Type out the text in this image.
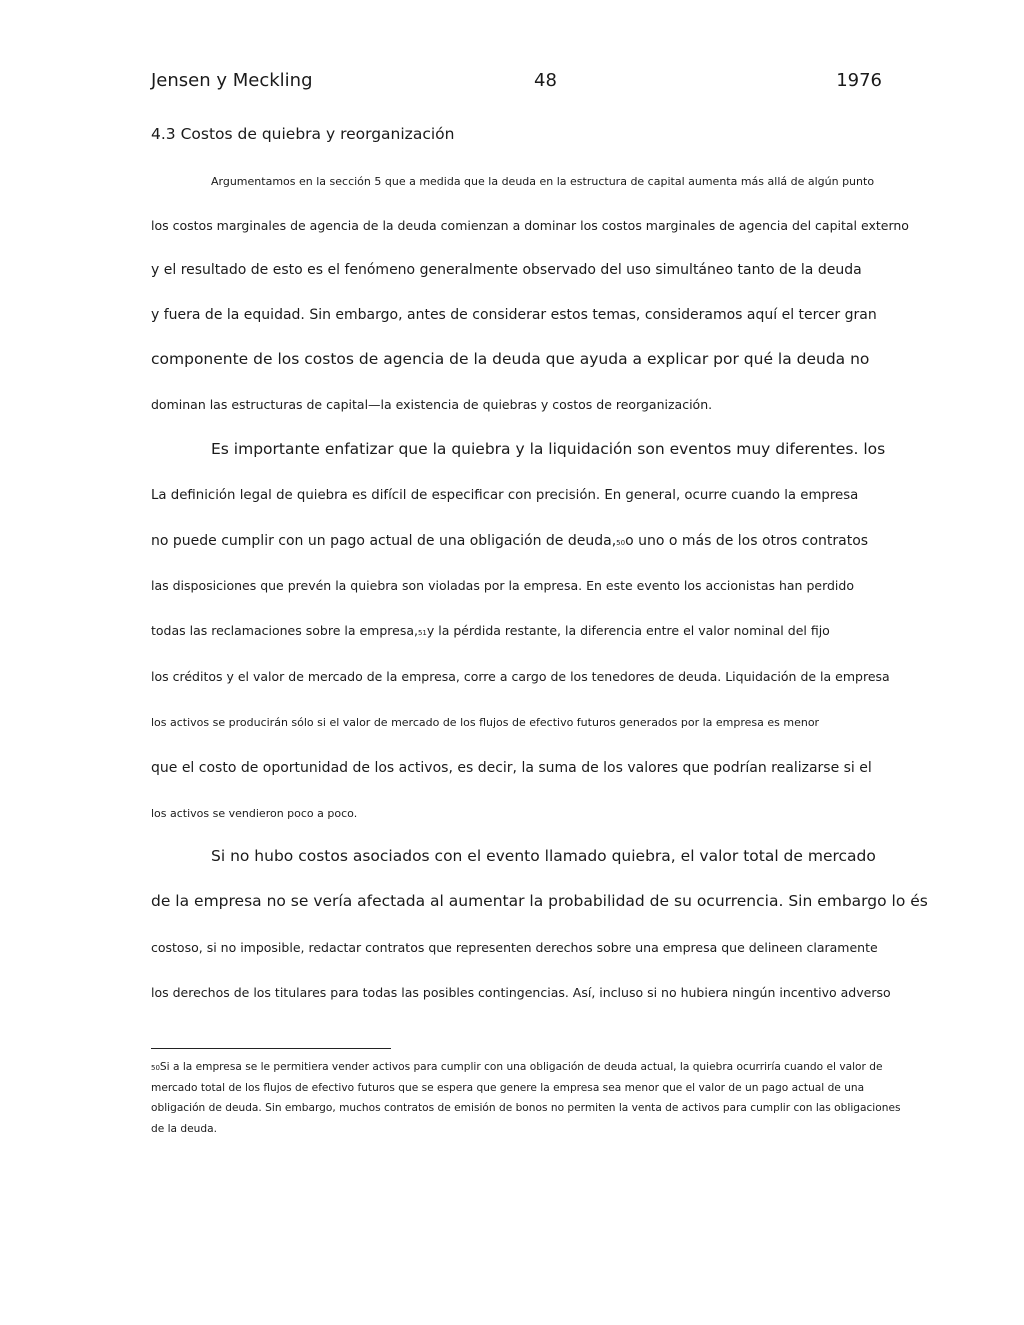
Jensen y Meckling	48	1976
4.3 Costos de quiebra y reorganización
Argumentamos en la sección 5 que a medida que la deuda en la estructura de capital aumenta más allá de algún punto
los costos marginales de agencia de la deuda comienzan a dominar los costos marginales de agencia del capital externo
y el resultado de esto es el fenómeno generalmente observado del uso simultáneo tanto de la deuda
y fuera de la equidad. Sin embargo, antes de considerar estos temas, consideramos aquí el tercer gran
componente de los costos de agencia de la deuda que ayuda a explicar por qué la deuda no
dominan las estructuras de capital—la existencia de quiebras y costos de reorganización.
Es importante enfatizar que la quiebra y la liquidación son eventos muy diferentes. los
La definición legal de quiebra es difícil de especificar con precisión. En general, ocurre cuando la empresa
no puede cumplir con un pago actual de una obligación de deuda,50o uno o más de los otros contratos
las disposiciones que prevén la quiebra son violadas por la empresa. En este evento los accionistas han perdido
todas las reclamaciones sobre la empresa,51y la pérdida restante, la diferencia entre el valor nominal del fijo
los créditos y el valor de mercado de la empresa, corre a cargo de los tenedores de deuda. Liquidación de la empresa
los activos se producirán sólo si el valor de mercado de los flujos de efectivo futuros generados por la empresa es menor
que el costo de oportunidad de los activos, es decir, la suma de los valores que podrían realizarse si el
los activos se vendieron poco a poco.
Si no hubo costos asociados con el evento llamado quiebra, el valor total de mercado
de la empresa no se vería afectada al aumentar la probabilidad de su ocurrencia. Sin embargo lo és
costoso, si no imposible, redactar contratos que representen derechos sobre una empresa que delineen claramente
los derechos de los titulares para todas las posibles contingencias. Así, incluso si no hubiera ningún incentivo adverso
50Si a la empresa se le permitiera vender activos para cumplir con una obligación de deuda actual, la quiebra ocurriría cuando el valor de
mercado total de los flujos de efectivo futuros que se espera que genere la empresa sea menor que el valor de un pago actual de una
obligación de deuda. Sin embargo, muchos contratos de emisión de bonos no permiten la venta de activos para cumplir con las obligaciones
de la deuda.
